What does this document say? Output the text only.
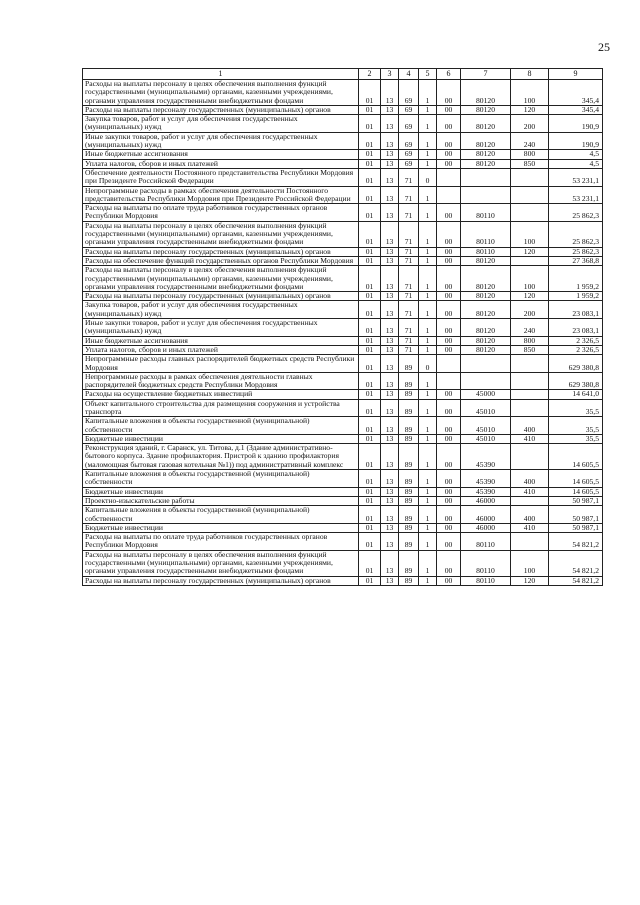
25
1	2	3	4	5	6	7	8	9
Расходы на выплаты персоналу в целях обеспечения выполнения функций государственными (муниципальными) органами, казенными учреждениями, органами управления государственными внебюджетными фондами	01	13	69	1	00	80120	100	345,4
Расходы на выплаты персоналу государственных (муниципальных) органов	01	13	69	1	00	80120	120	345,4
Закупка товаров, работ и услуг для обеспечения государственных (муниципальных) нужд	01	13	69	1	00	80120	200	190,9
Иные закупки товаров, работ и услуг для обеспечения государственных (муниципальных) нужд	01	13	69	1	00	80120	240	190,9
Иные бюджетные ассигнования	01	13	69	1	00	80120	800	4,5
Уплата налогов, сборов и иных платежей	01	13	69	1	00	80120	850	4,5
Обеспечение деятельности Постоянного представительства Республики Мордовия при Президенте Российской Федерации	01	13	71	0				53 231,1
Непрограммные расходы в рамках обеспечения деятельности Постоянного представительства Республики Мордовия при Президенте Российской Федерации	01	13	71	1				53 231,1
Расходы на выплаты по оплате труда работников государственных органов Республики Мордовия	01	13	71	1	00	80110		25 862,3
Расходы на выплаты персоналу в целях обеспечения выполнения функций государственными (муниципальными) органами, казенными учреждениями, органами управления государственными внебюджетными фондами	01	13	71	1	00	80110	100	25 862,3
Расходы на выплаты персоналу государственных (муниципальных) органов	01	13	71	1	00	80110	120	25 862,3
Расходы на обеспечение функций государственных органов Республики Мордовия	01	13	71	1	00	80120		27 368,8
Расходы на выплаты персоналу в целях обеспечения выполнения функций государственными (муниципальными) органами, казенными учреждениями, органами управления государственными внебюджетными фондами	01	13	71	1	00	80120	100	1 959,2
Расходы на выплаты персоналу государственных (муниципальных) органов	01	13	71	1	00	80120	120	1 959,2
Закупка товаров, работ и услуг для обеспечения государственных (муниципальных) нужд	01	13	71	1	00	80120	200	23 083,1
Иные закупки товаров, работ и услуг для обеспечения государственных (муниципальных) нужд	01	13	71	1	00	80120	240	23 083,1
Иные бюджетные ассигнования	01	13	71	1	00	80120	800	2 326,5
Уплата налогов, сборов и иных платежей	01	13	71	1	00	80120	850	2 326,5
Непрограммные расходы главных распорядителей бюджетных средств Республики Мордовия	01	13	89	0				629 380,8
Непрограммные расходы в рамках обеспечения деятельности главных распорядителей бюджетных средств Республики Мордовия	01	13	89	1				629 380,8
Расходы на осуществление бюджетных инвестиций	01	13	89	1	00	45000		14 641,0
Объект капитального строительства для размещения сооружения и устройства транспорта	01	13	89	1	00	45010		35,5
Капитальные вложения в объекты государственной (муниципальной) собственности	01	13	89	1	00	45010	400	35,5
Бюджетные инвестиции	01	13	89	1	00	45010	410	35,5
Реконструкция зданий, г. Саранск, ул. Титова, д.1 (Здание административно-бытового корпуса. Здание профилактория. Пристрой к зданию профилактория (маломощная бытовая газовая котельная №1)) под административный комплекс	01	13	89	1	00	45390		14 605,5
Капитальные вложения в объекты государственной (муниципальной) собственности	01	13	89	1	00	45390	400	14 605,5
Бюджетные инвестиции	01	13	89	1	00	45390	410	14 605,5
Проектно-изыскательские работы	01	13	89	1	00	46000		50 987,1
Капитальные вложения в объекты государственной (муниципальной) собственности	01	13	89	1	00	46000	400	50 987,1
Бюджетные инвестиции	01	13	89	1	00	46000	410	50 987,1
Расходы на выплаты по оплате труда работников государственных органов Республики Мордовия	01	13	89	1	00	80110		54 821,2
Расходы на выплаты персоналу в целях обеспечения выполнения функций государственными (муниципальными) органами, казенными учреждениями, органами управления государственными внебюджетными фондами	01	13	89	1	00	80110	100	54 821,2
Расходы на выплаты персоналу государственных (муниципальных) органов	01	13	89	1	00	80110	120	54 821,2
